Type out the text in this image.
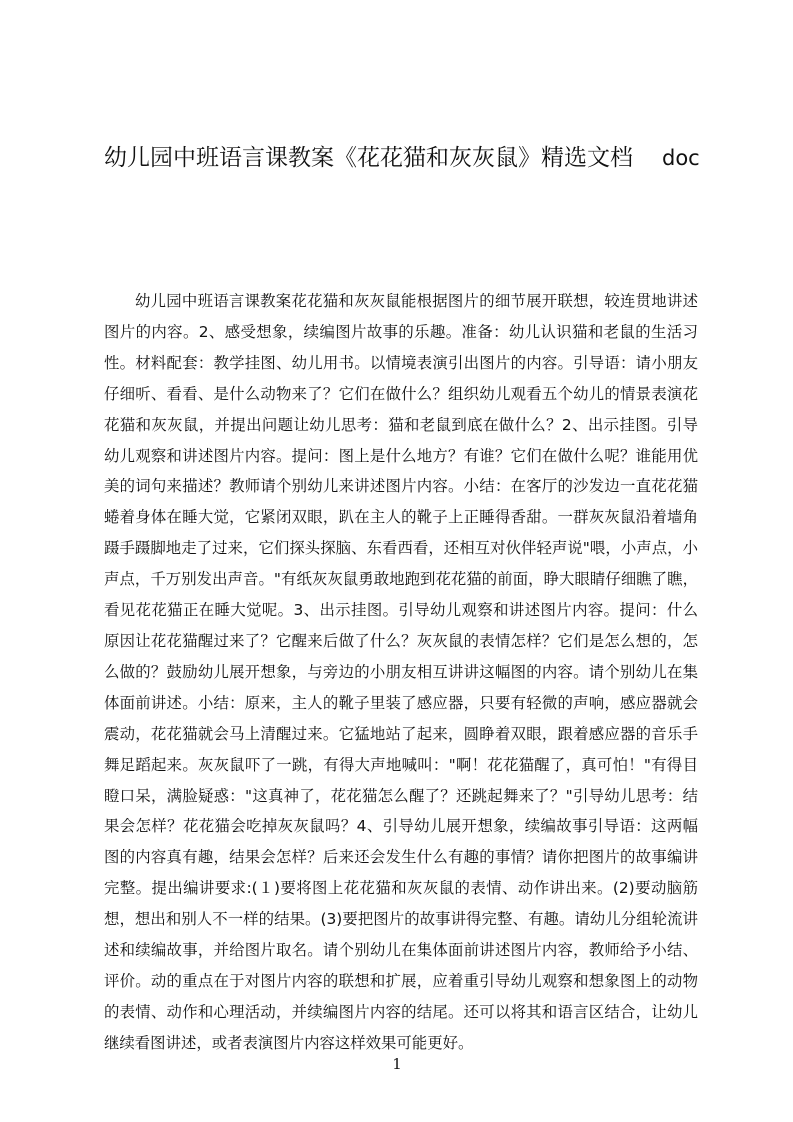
幼儿园中班语言课教案《花花猫和灰灰鼠》精选文档	doc

幼儿园中班语言课教案花花猫和灰灰鼠能根据图片的细节展开联想，较连贯地讲述图片的内容。2、感受想象，续编图片故事的乐趣。准备：幼儿认识猫和老鼠的生活习性。材料配套：教学挂图、幼儿用书。以情境表演引出图片的内容。引导语：请小朋友仔细听、看看、是什么动物来了？它们在做什么？组织幼儿观看五个幼儿的情景表演花花猫和灰灰鼠，并提出问题让幼儿思考：猫和老鼠到底在做什么？2、出示挂图。引导幼儿观察和讲述图片内容。提问：图上是什么地方？有谁？它们在做什么呢？谁能用优美的词句来描述？教师请个别幼儿来讲述图片内容。小结：在客厅的沙发边一直花花猫蜷着身体在睡大觉，它紧闭双眼，趴在主人的靴子上正睡得香甜。一群灰灰鼠沿着墙角蹑手蹑脚地走了过来，它们探头探脑、东看西看，还相互对伙伴轻声说"喂，小声点，小声点，千万别发出声音。"有纸灰灰鼠勇敢地跑到花花猫的前面，睁大眼睛仔细瞧了瞧，看见花花猫正在睡大觉呢。3、出示挂图。引导幼儿观察和讲述图片内容。提问：什么原因让花花猫醒过来了？它醒来后做了什么？灰灰鼠的表情怎样？它们是怎么想的，怎么做的？鼓励幼儿展开想象，与旁边的小朋友相互讲讲这幅图的内容。请个别幼儿在集体面前讲述。小结：原来，主人的靴子里装了感应器，只要有轻微的声响，感应器就会震动，花花猫就会马上清醒过来。它猛地站了起来，圆睁着双眼，跟着感应器的音乐手舞足蹈起来。灰灰鼠吓了一跳，有得大声地喊叫："啊！花花猫醒了，真可怕！"有得目瞪口呆，满脸疑惑："这真神了，花花猫怎么醒了？还跳起舞来了？"引导幼儿思考：结果会怎样？花花猫会吃掉灰灰鼠吗？4、引导幼儿展开想象，续编故事引导语：这两幅图的内容真有趣，结果会怎样？后来还会发生什么有趣的事情？请你把图片的故事编讲完整。提出编讲要求:(１)要将图上花花猫和灰灰鼠的表情、动作讲出来。(2)要动脑筋想，想出和别人不一样的结果。(3)要把图片的故事讲得完整、有趣。请幼儿分组轮流讲述和续编故事，并给图片取名。请个别幼儿在集体面前讲述图片内容，教师给予小结、评价。动的重点在于对图片内容的联想和扩展，应着重引导幼儿观察和想象图上的动物的表情、动作和心理活动，并续编图片内容的结尾。还可以将其和语言区结合，让幼儿继续看图讲述，或者表演图片内容这样效果可能更好。

1
